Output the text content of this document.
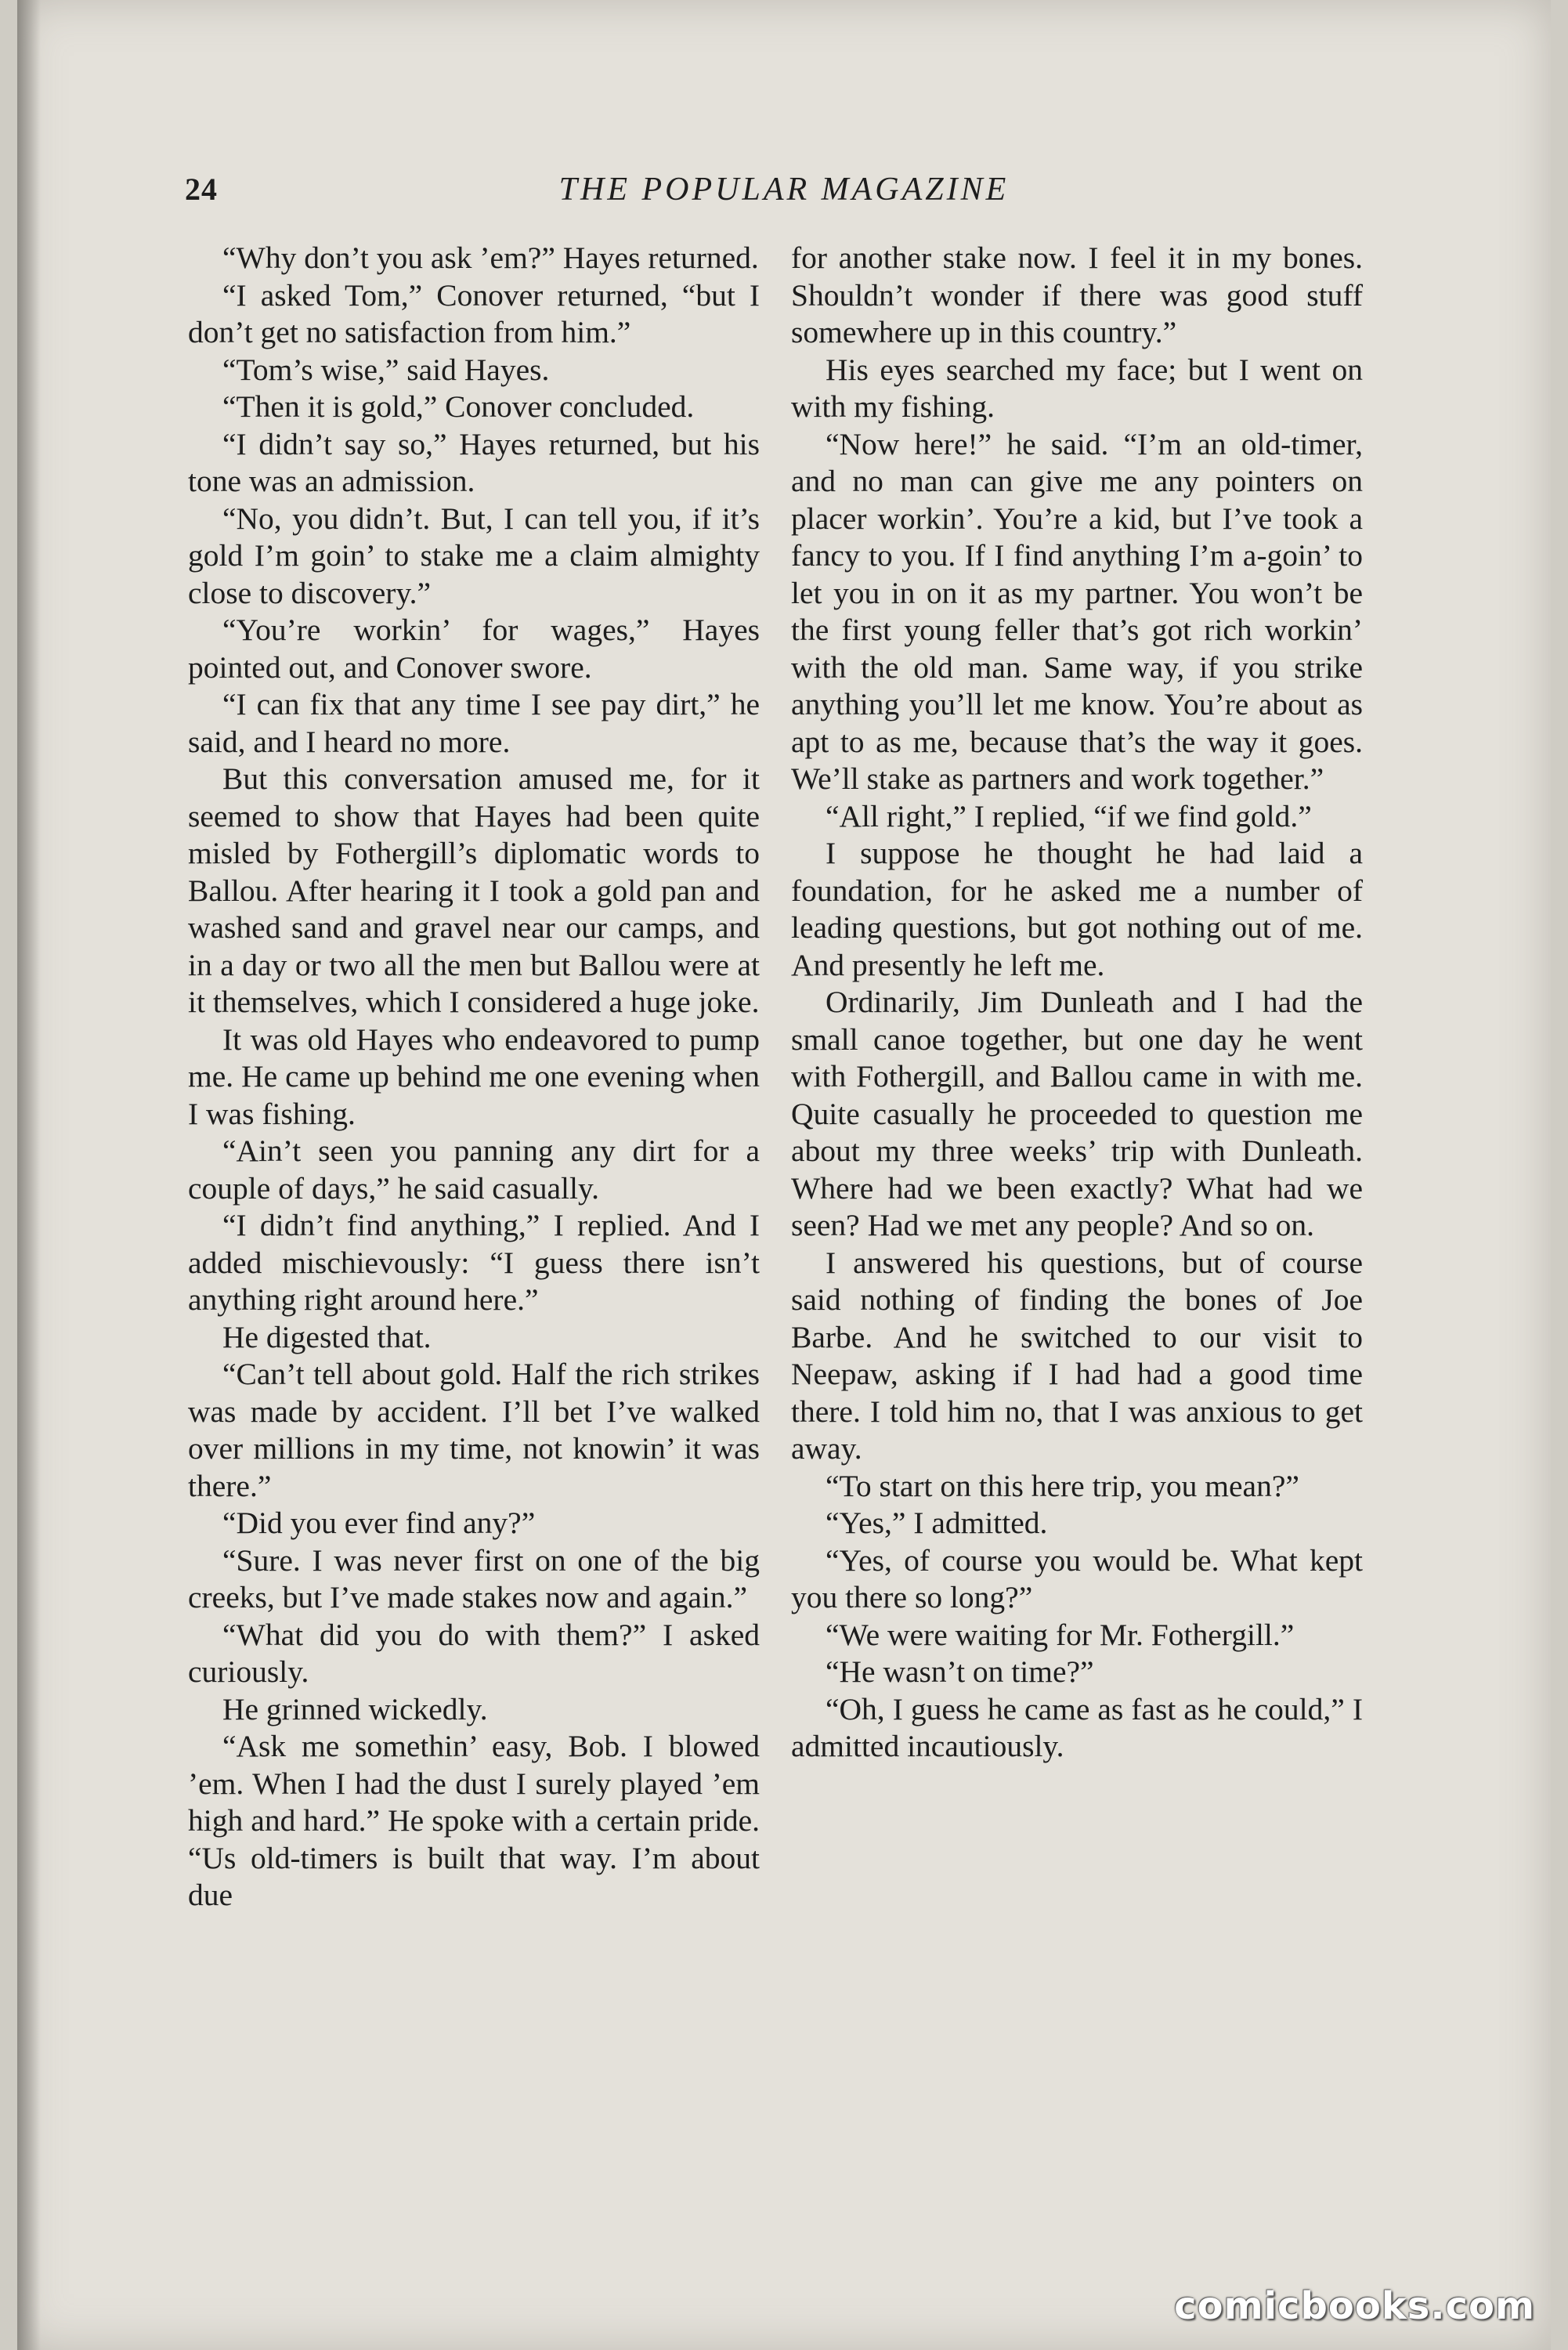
24	THE POPULAR MAGAZINE

“Why don’t you ask ’em?” Hayes returned.

“I asked Tom,” Conover returned, “but I don’t get no satisfaction from him.”

“Tom’s wise,” said Hayes.

“Then it is gold,” Conover concluded.

“I didn’t say so,” Hayes returned, but his tone was an admission.

“No, you didn’t. But, I can tell you, if it’s gold I’m goin’ to stake me a claim almighty close to discovery.”

“You’re workin’ for wages,” Hayes pointed out, and Conover swore.

“I can fix that any time I see pay dirt,” he said, and I heard no more.

But this conversation amused me, for it seemed to show that Hayes had been quite misled by Fothergill’s diplomatic words to Ballou. After hearing it I took a gold pan and washed sand and gravel near our camps, and in a day or two all the men but Ballou were at it themselves, which I considered a huge joke.

It was old Hayes who endeavored to pump me. He came up behind me one evening when I was fishing.

“Ain’t seen you panning any dirt for a couple of days,” he said casually.

“I didn’t find anything,” I replied. And I added mischievously: “I guess there isn’t anything right around here.”

He digested that.

“Can’t tell about gold. Half the rich strikes was made by accident. I’ll bet I’ve walked over millions in my time, not knowin’ it was there.”

“Did you ever find any?”

“Sure. I was never first on one of the big creeks, but I’ve made stakes now and again.”

“What did you do with them?” I asked curiously.

He grinned wickedly.

“Ask me somethin’ easy, Bob. I blowed ’em. When I had the dust I surely played ’em high and hard.” He spoke with a certain pride. “Us old-timers is built that way. I’m about due

for another stake now. I feel it in my bones. Shouldn’t wonder if there was good stuff somewhere up in this country.”

His eyes searched my face; but I went on with my fishing.

“Now here!” he said. “I’m an old-timer, and no man can give me any pointers on placer workin’. You’re a kid, but I’ve took a fancy to you. If I find anything I’m a-goin’ to let you in on it as my partner. You won’t be the first young feller that’s got rich workin’ with the old man. Same way, if you strike anything you’ll let me know. You’re about as apt to as me, because that’s the way it goes. We’ll stake as partners and work together.”

“All right,” I replied, “if we find gold.”

I suppose he thought he had laid a foundation, for he asked me a number of leading questions, but got nothing out of me. And presently he left me.

Ordinarily, Jim Dunleath and I had the small canoe together, but one day he went with Fothergill, and Ballou came in with me. Quite casually he proceeded to question me about my three weeks’ trip with Dunleath. Where had we been exactly? What had we seen? Had we met any people? And so on.

I answered his questions, but of course said nothing of finding the bones of Joe Barbe. And he switched to our visit to Neepaw, asking if I had had a good time there. I told him no, that I was anxious to get away.

“To start on this here trip, you mean?”

“Yes,” I admitted.

“Yes, of course you would be. What kept you there so long?”

“We were waiting for Mr. Fothergill.”

“He wasn’t on time?”

“Oh, I guess he came as fast as he could,” I admitted incautiously.

comicbooks.com
